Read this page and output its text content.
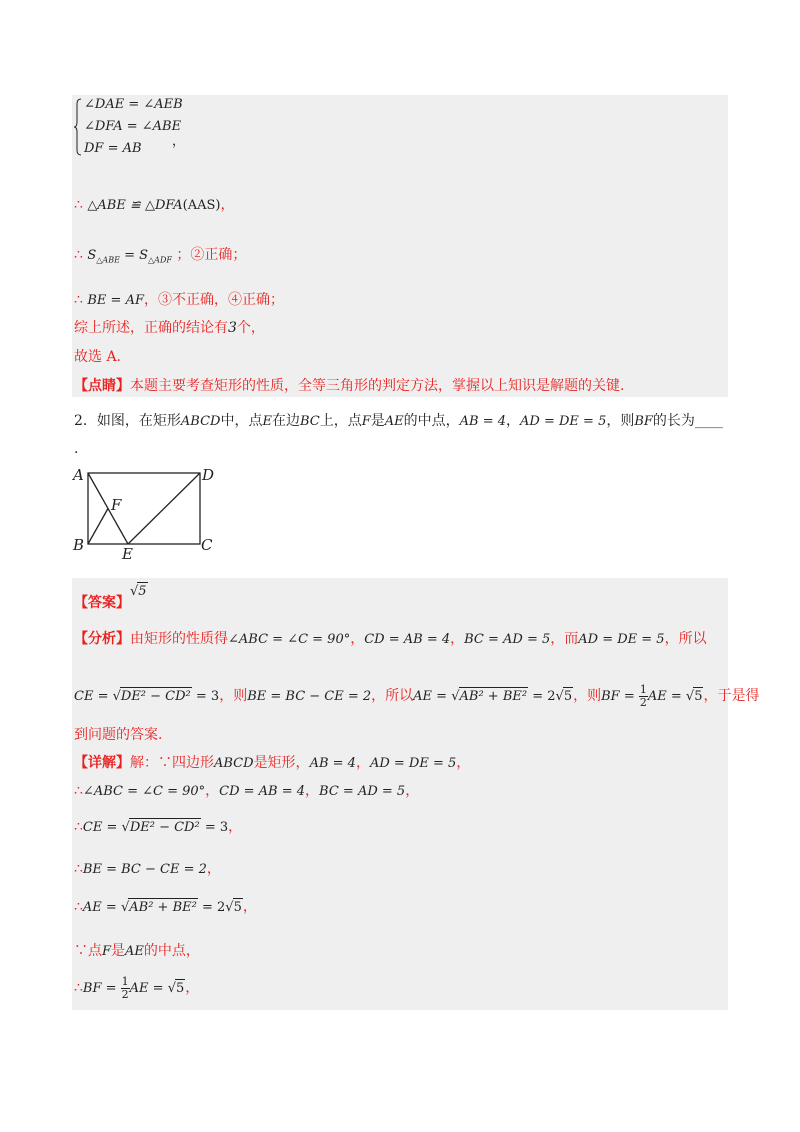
∠DAE = ∠AEB
∠DFA = ∠ABE
DF = AB ，
∴ △ABE ≌ △DFA(AAS)，
∴ $S_{\triangle ABE} = S_{\triangle ADF}$ ；②正确；
∴ BE = AF，③不正确，④正确；
综上所述，正确的结论有3个，
故选 A.
【点睛】本题主要考查矩形的性质，全等三角形的判定方法，掌握以上知识是解题的关键.
2．如图，在矩形ABCD中，点E在边BC上，点F是AE的中点，AB = 4，AD = DE = 5，则BF的长为____
.
A	D
F
B	E	C
【答案】√5
【分析】由矩形的性质得∠ABC = ∠C = 90°，CD = AB = 4，BC = AD = 5，而AD = DE = 5，所以
CE = √DE² − CD² = 3，则BE = BC − CE = 2，所以AE = √AB² + BE² = 2√5，则BF = $\frac{1}{2}$ AE = √5，于是得
到问题的答案.
【详解】解：∵四边形ABCD是矩形，AB = 4，AD = DE = 5，
∴∠ABC = ∠C = 90°，CD = AB = 4，BC = AD = 5，
∴CE = √DE² − CD² = 3，
∴BE = BC − CE = 2，
∴AE = √AB² + BE² = 2√5，
∵点F是AE的中点，
∴BF = $\frac{1}{2}$ AE = √5，
